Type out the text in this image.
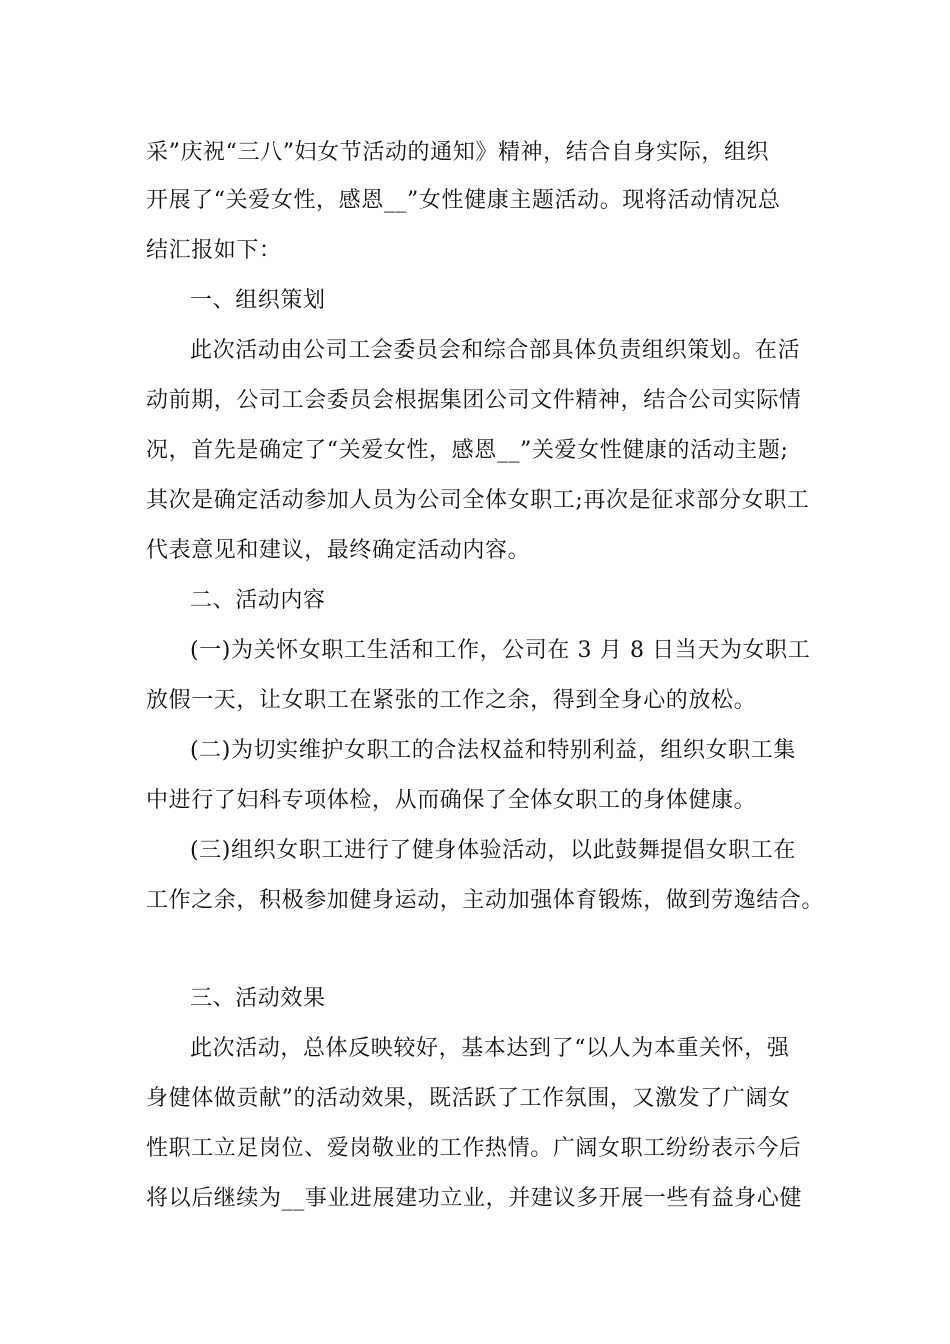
采”庆祝“三八”妇女节活动的通知》精神，结合自身实际，组织
开展了“关爱女性，感恩__”女性健康主题活动。现将活动情况总
结汇报如下：
一、组织策划
此次活动由公司工会委员会和综合部具体负责组织策划。在活
动前期，公司工会委员会根据集团公司文件精神，结合公司实际情
况，首先是确定了“关爱女性，感恩__”关爱女性健康的活动主题;
其次是确定活动参加人员为公司全体女职工;再次是征求部分女职工
代表意见和建议，最终确定活动内容。
二、活动内容
(一)为关怀女职工生活和工作，公司在 3 月 8 日当天为女职工
放假一天，让女职工在紧张的工作之余，得到全身心的放松。
(二)为切实维护女职工的合法权益和特别利益，组织女职工集
中进行了妇科专项体检，从而确保了全体女职工的身体健康。
(三)组织女职工进行了健身体验活动，以此鼓舞提倡女职工在
工作之余，积极参加健身运动，主动加强体育锻炼，做到劳逸结合。
三、活动效果
此次活动，总体反映较好，基本达到了“以人为本重关怀，强
身健体做贡献”的活动效果，既活跃了工作氛围，又激发了广阔女
性职工立足岗位、爱岗敬业的工作热情。广阔女职工纷纷表示今后
将以后继续为__事业进展建功立业，并建议多开展一些有益身心健
